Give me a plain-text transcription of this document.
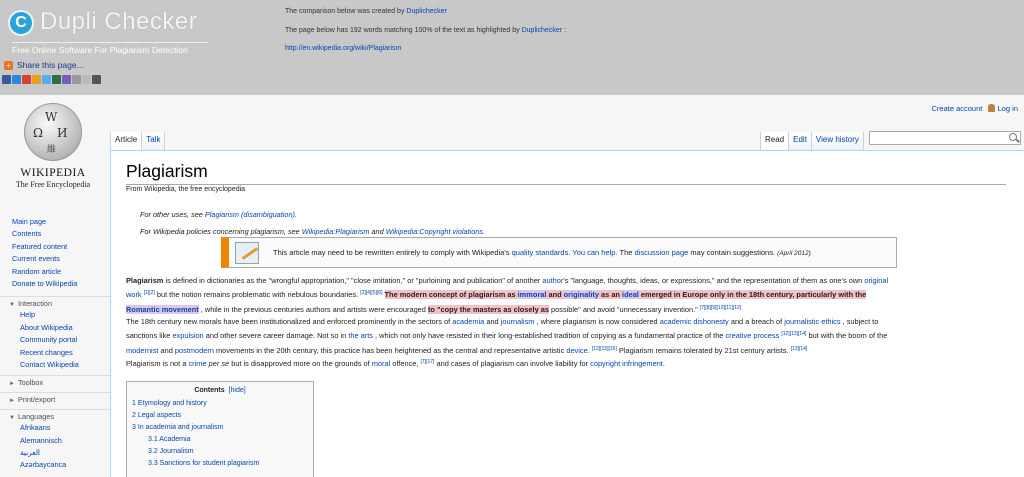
C Dupli Checker
Free Online Software For Plagiarism Detection
+ Share this page...
The comparison below was created by Duplichecker
The page below has 192 words matching 100% of the text as highlighted by Duplichecker :
http://en.wikipedia.org/wiki/Plagiarism
W
Ω И
維
WIKIPEDIA
The Free Encyclopedia
Create account Log in
Main page
Contents
Featured content
Current events
Random article
Donate to Wikipedia
▼ Interaction
Help
About Wikipedia
Community portal
Recent changes
Contact Wikipedia
► Toolbox
► Print/export
▼ Languages
Afrikaans
Alemannisch
العربية
Azərbaycanca
Article	Talk	Read	Edit	View history
Plagiarism
From Wikipedia, the free encyclopedia
For other uses, see Plagiarism (disambiguation).
For Wikipedia policies concerning plagiarism, see Wikipedia:Plagiarism and Wikipedia:Copyright violations.
This article may need to be rewritten entirely to comply with Wikipedia's quality standards. You can help. The discussion page may contain suggestions. (April 2012)
Plagiarism is defined in dictionaries as the "wrongful appropriation," "close imitation," or "purloining and publication" of another author's "language, thoughts, ideas, or expressions," and the representation of them as one's own original
work [1][2] but the notion remains problematic with nebulous boundaries. [3][4][5][6] The modern concept of plagiarism as immoral and originality as an ideal emerged in Europe only in the 18th century, particularly with the
Romantic movement , while in the previous centuries authors and artists were encouraged to "copy the masters as closely as possible" and avoid "unnecessary invention." [7][8][9][10][11][12]
The 18th century new morals have been institutionalized and enforced prominently in the sectors of academia and journalism , where plagiarism is now considered academic dishonesty and a breach of journalistic ethics , subject to
sanctions like expulsion and other severe career damage. Not so in the arts , which not only have resisted in their long-established tradition of copying as a fundamental practice of the creative process [12][13][14] but with the boom of the
modernist and postmodern movements in the 20th century, this practice has been heightened as the central and representative artistic device. [12][15][16] Plagiarism remains tolerated by 21st century artists. [13][14]
Plagiarism is not a crime per se but is disapproved more on the grounds of moral offence, [7][17] and cases of plagiarism can involve liability for copyright infringement.
Contents [hide]
1 Etymology and history
2 Legal aspects
3 In academia and journalism
3.1 Academia
3.2 Journalism
3.3 Sanctions for student plagiarism
